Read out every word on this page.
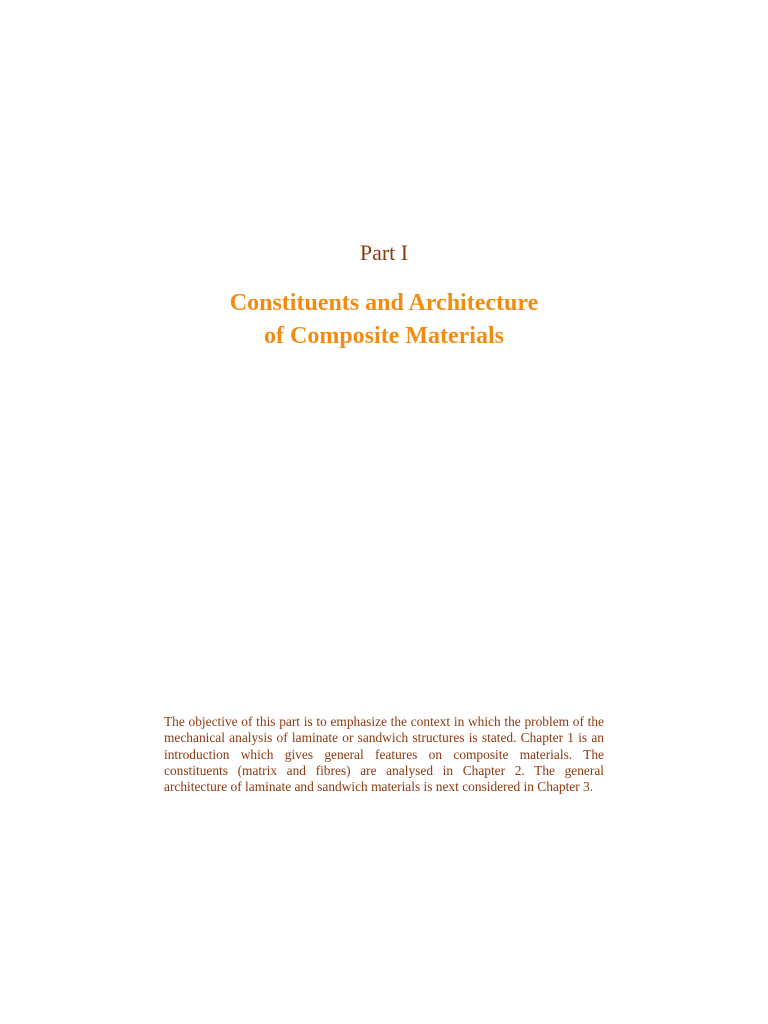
Part I
Constituents and Architecture
of Composite Materials

The objective of this part is to emphasize the context in which the problem of the mechanical analysis of laminate or sandwich structures is stated. Chapter 1 is an introduction which gives general features on composite materials. The constituents (matrix and fibres) are analysed in Chapter 2. The general architecture of laminate and sandwich materials is next considered in Chapter 3.
